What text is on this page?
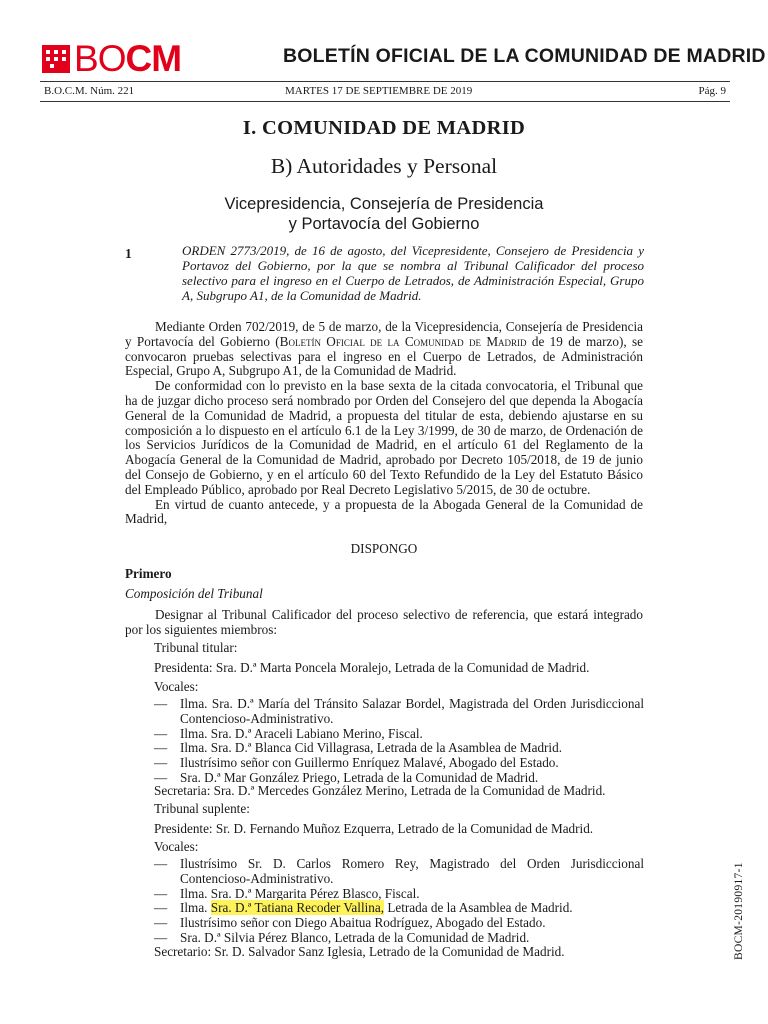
BOCM	BOLETÍN OFICIAL DE LA COMUNIDAD DE MADRID
B.O.C.M. Núm. 221	MARTES 17 DE SEPTIEMBRE DE 2019	Pág. 9
I. COMUNIDAD DE MADRID
B) Autoridades y Personal
Vicepresidencia, Consejería de Presidencia
y Portavocía del Gobierno
1	ORDEN 2773/2019, de 16 de agosto, del Vicepresidente, Consejero de Presidencia y Portavoz del Gobierno, por la que se nombra al Tribunal Calificador del proceso selectivo para el ingreso en el Cuerpo de Letrados, de Administración Especial, Grupo A, Subgrupo A1, de la Comunidad de Madrid.

Mediante Orden 702/2019, de 5 de marzo, de la Vicepresidencia, Consejería de Presidencia y Portavocía del Gobierno (Boletín Oficial de la Comunidad de Madrid de 19 de marzo), se convocaron pruebas selectivas para el ingreso en el Cuerpo de Letrados, de Administración Especial, Grupo A, Subgrupo A1, de la Comunidad de Madrid.

De conformidad con lo previsto en la base sexta de la citada convocatoria, el Tribunal que ha de juzgar dicho proceso será nombrado por Orden del Consejero del que dependa la Abogacía General de la Comunidad de Madrid, a propuesta del titular de esta, debiendo ajustarse en su composición a lo dispuesto en el artículo 6.1 de la Ley 3/1999, de 30 de marzo, de Ordenación de los Servicios Jurídicos de la Comunidad de Madrid, en el artículo 61 del Reglamento de la Abogacía General de la Comunidad de Madrid, aprobado por Decreto 105/2018, de 19 de junio del Consejo de Gobierno, y en el artículo 60 del Texto Refundido de la Ley del Estatuto Básico del Empleado Público, aprobado por Real Decreto Legislativo 5/2015, de 30 de octubre.

En virtud de cuanto antecede, y a propuesta de la Abogada General de la Comunidad de Madrid,

DISPONGO
Primero
Composición del Tribunal

Designar al Tribunal Calificador del proceso selectivo de referencia, que estará integrado por los siguientes miembros:

Tribunal titular:
Presidenta: Sra. D.ª Marta Poncela Moralejo, Letrada de la Comunidad de Madrid.
Vocales:
— Ilma. Sra. D.ª María del Tránsito Salazar Bordel, Magistrada del Orden Jurisdiccional Contencioso-Administrativo.
— Ilma. Sra. D.ª Araceli Labiano Merino, Fiscal.
— Ilma. Sra. D.ª Blanca Cid Villagrasa, Letrada de la Asamblea de Madrid.
— Ilustrísimo señor con Guillermo Enríquez Malavé, Abogado del Estado.
— Sra. D.ª Mar González Priego, Letrada de la Comunidad de Madrid.
Secretaria: Sra. D.ª Mercedes González Merino, Letrada de la Comunidad de Madrid.
Tribunal suplente:
Presidente: Sr. D. Fernando Muñoz Ezquerra, Letrado de la Comunidad de Madrid.
Vocales:
— Ilustrísimo Sr. D. Carlos Romero Rey, Magistrado del Orden Jurisdiccional Contencioso-Administrativo.
— Ilma. Sra. D.ª Margarita Pérez Blasco, Fiscal.
— Ilma. Sra. D.ª Tatiana Recoder Vallina, Letrada de la Asamblea de Madrid.
— Ilustrísimo señor con Diego Abaitua Rodríguez, Abogado del Estado.
— Sra. D.ª Silvia Pérez Blanco, Letrada de la Comunidad de Madrid.
Secretario: Sr. D. Salvador Sanz Iglesia, Letrado de la Comunidad de Madrid.	BOCM-20190917-1
